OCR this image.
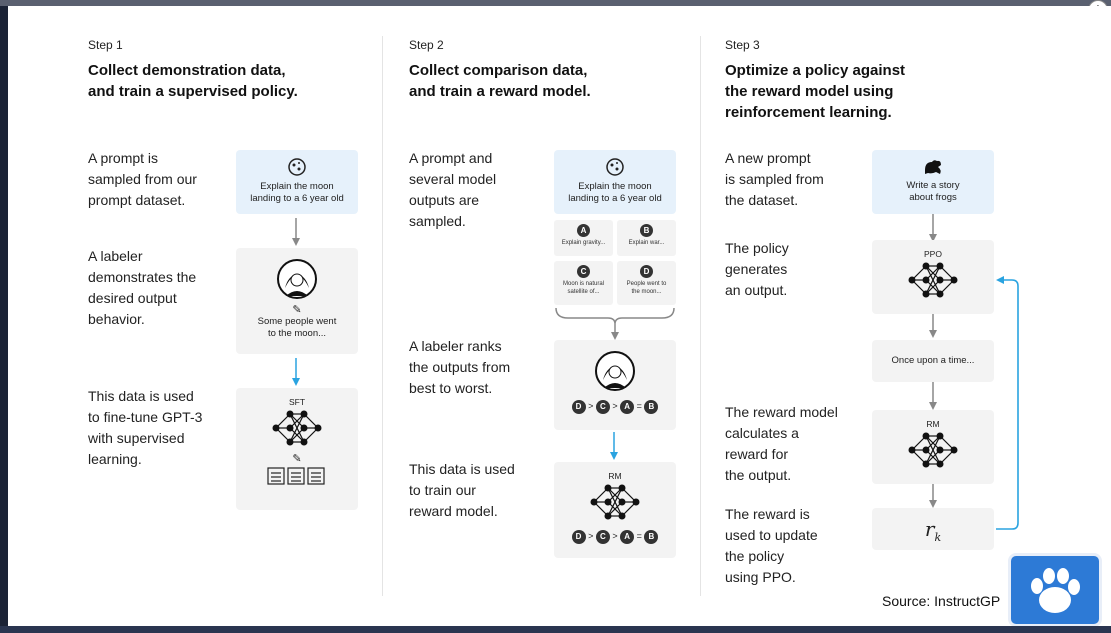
Step 1
Collect demonstration data,
and train a supervised policy.
A prompt is
sampled from our
prompt dataset.
A labeler
demonstrates the
desired output
behavior.
This data is used
to fine-tune GPT-3
with supervised
learning.
Explain the moon
landing to a 6 year old
✎
Some people went
to the moon...
SFT
✎
Step 2
Collect comparison data,
and train a reward model.
A prompt and
several model
outputs are
sampled.
A labeler ranks
the outputs from
best to worst.
This data is used
to train our
reward model.
Explain the moon
landing to a 6 year old
A
Explain gravity...
B
Explain war...
C
Moon is natural
satellite of...
D
People went to
the moon...
D > C > A = B
RM
D > C > A = B
Step 3
Optimize a policy against
the reward model using
reinforcement learning.
A new prompt
is sampled from
the dataset.
The policy
generates
an output.
The reward model
calculates a
reward for
the output.
The reward is
used to update
the policy
using PPO.
Write a story
about frogs
PPO
Once upon a time...
RM
$r_k$
Source: InstructGP
